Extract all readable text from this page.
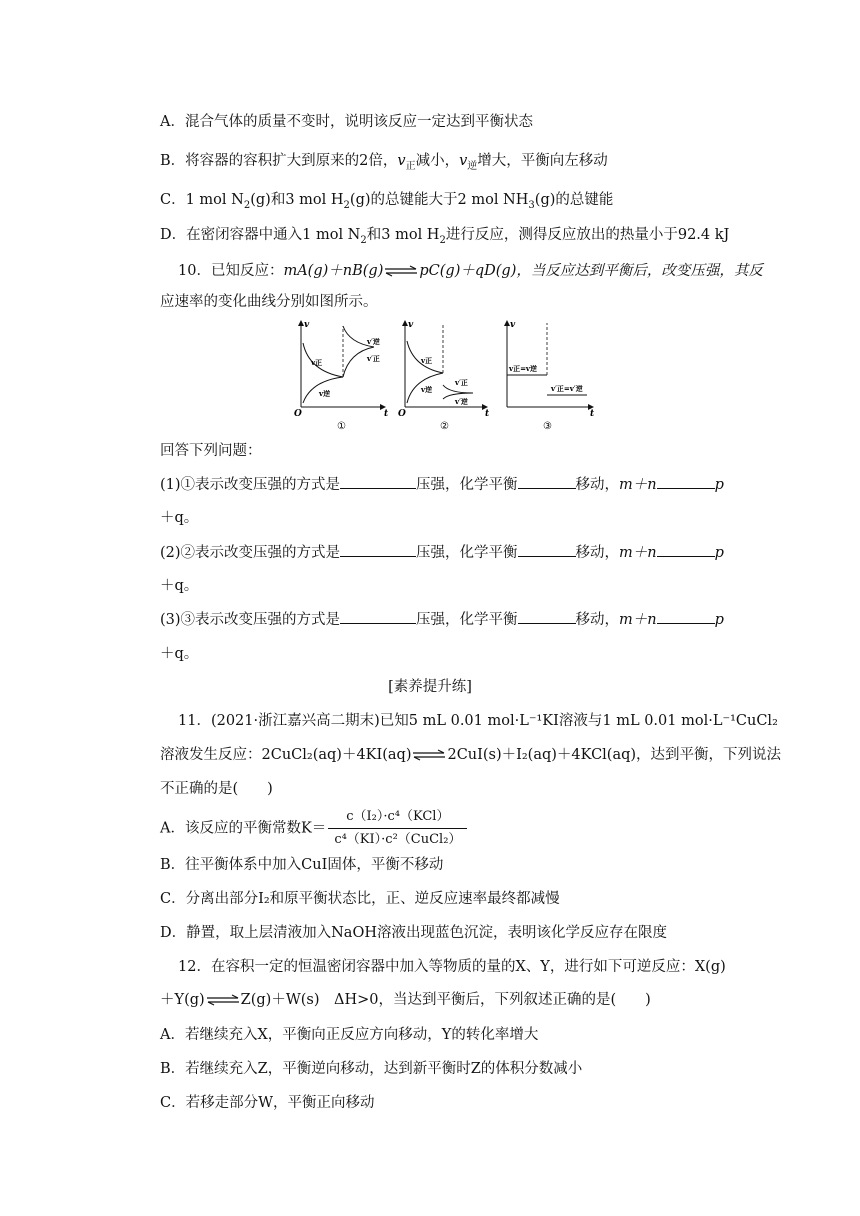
A．混合气体的质量不变时，说明该反应一定达到平衡状态
B．将容器的容积扩大到原来的2倍，$v_正$减小，$v_逆$增大，平衡向左移动
C．1 mol $N_2(g)$和3 mol $H_2(g)$的总键能大于2 mol $NH_3(g)$的总键能
D．在密闭容器中通入1 mol $N_2$和3 mol $H_2$进行反应，测得反应放出的热量小于92.4 kJ
10．已知反应：mA(g)＋nB(g)⇌pC(g)＋qD(g)，当反应达到平衡后，改变压强，其反
应速率的变化曲线分别如图所示。
v
t
O
v正
v逆
v′逆
v′正
①
v
t
O
v正
v逆
v′正
v′逆
②
v
t
v正=v逆
v′正=v′逆
③
回答下列问题：
(1)①表示改变压强的方式是	压强，化学平衡	移动，m＋n	p
＋q。
(2)②表示改变压强的方式是	压强，化学平衡	移动，m＋n	p
＋q。
(3)③表示改变压强的方式是	压强，化学平衡	移动，m＋n	p
＋q。
[素养提升练]
11．(2021·浙江嘉兴高二期末)已知5 mL 0.01 mol·L⁻¹KI溶液与1 mL 0.01 mol·L⁻¹CuCl₂
溶液发生反应：2CuCl₂(aq)＋4KI(aq)⇌2CuI(s)＋I₂(aq)＋4KCl(aq)，达到平衡，下列说法
不正确的是(　　)
A．该反应的平衡常数$K= \frac{\text{c（I₂）·c⁴（KCl）}}{\text{c⁴（KI）·c²（CuCl₂）}}$
B．往平衡体系中加入CuI固体，平衡不移动
C．分离出部分I₂和原平衡状态比，正、逆反应速率最终都减慢
D．静置，取上层清液加入NaOH溶液出现蓝色沉淀，表明该化学反应存在限度
12．在容积一定的恒温密闭容器中加入等物质的量的X、Y，进行如下可逆反应：X(g)
＋Y(g)⇌Z(g)＋W(s)　ΔH>0，当达到平衡后，下列叙述正确的是(　　)
A．若继续充入X，平衡向正反应方向移动，Y的转化率增大
B．若继续充入Z，平衡逆向移动，达到新平衡时Z的体积分数减小
C．若移走部分W，平衡正向移动
